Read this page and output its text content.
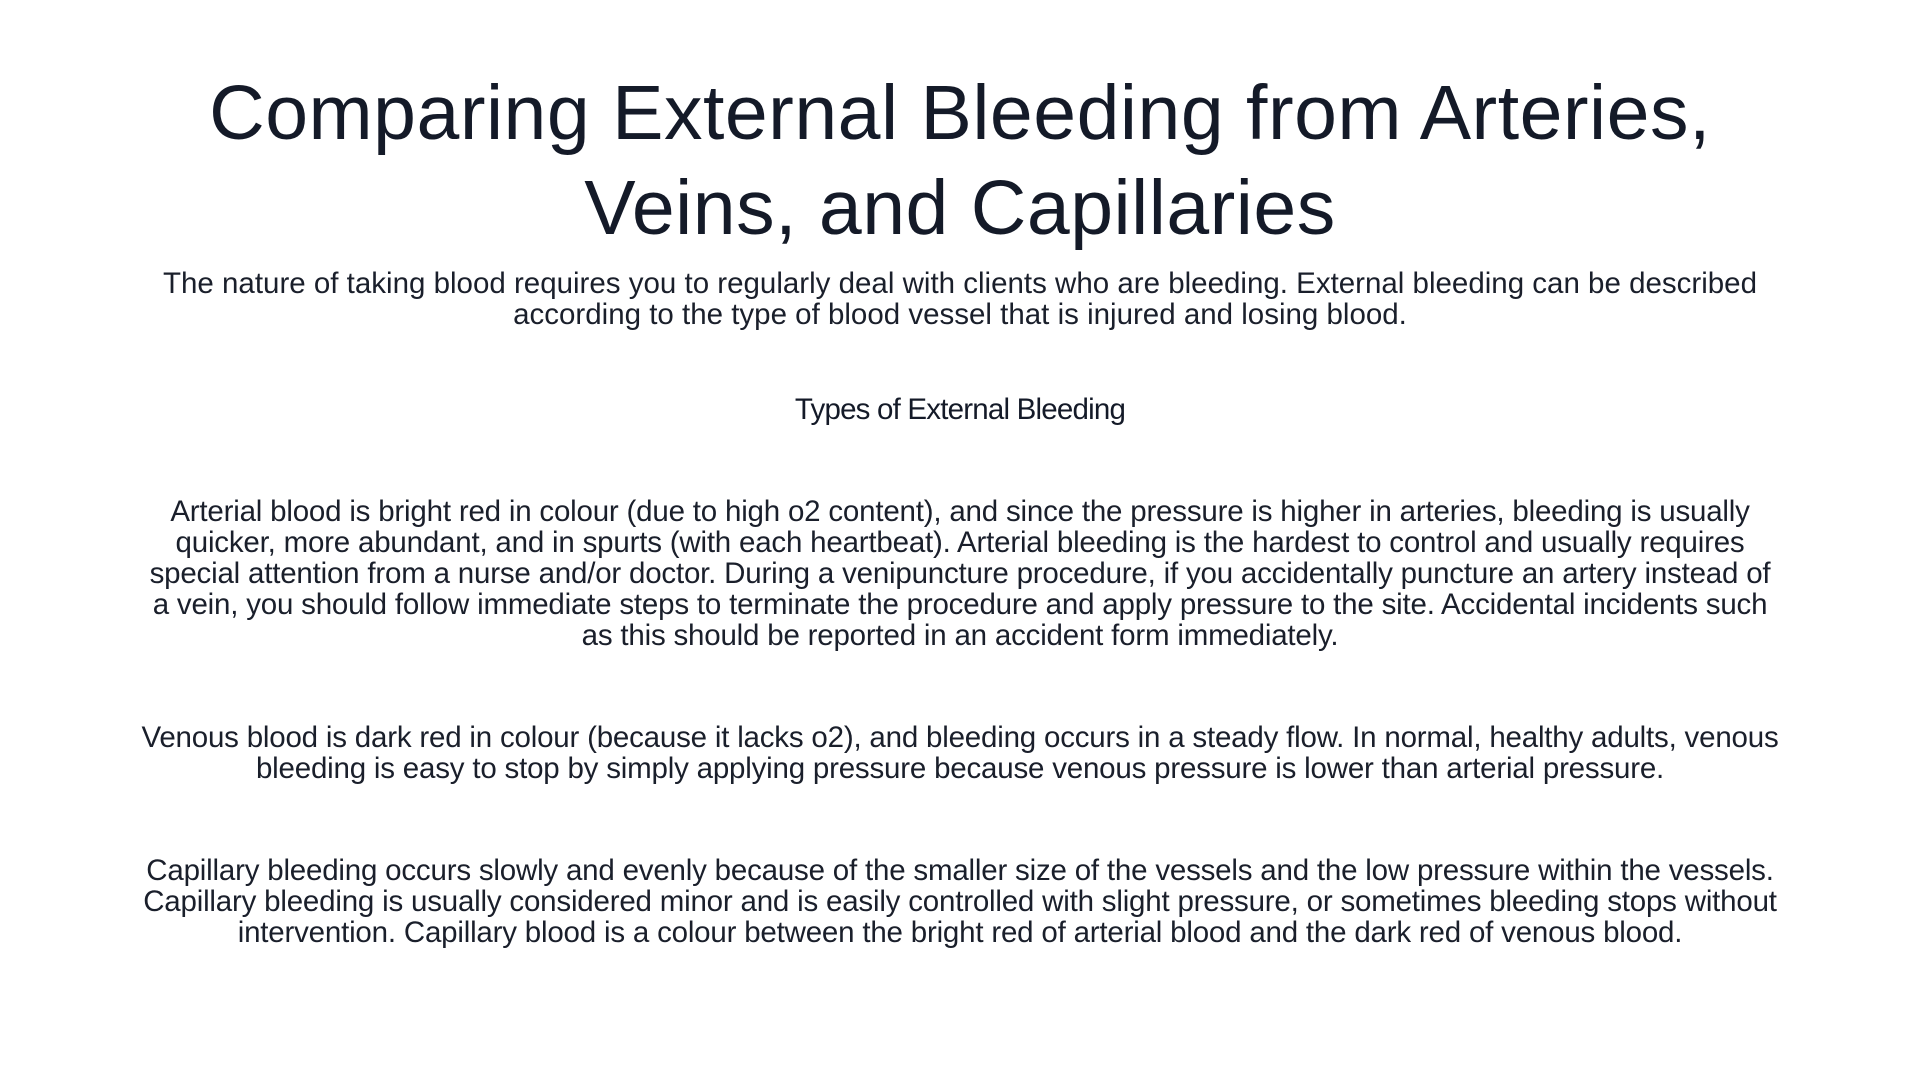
Comparing External Bleeding from Arteries, Veins, and Capillaries

The nature of taking blood requires you to regularly deal with clients who are bleeding. External bleeding can be described according to the type of blood vessel that is injured and losing blood.

Types of External Bleeding

Arterial blood is bright red in colour (due to high o2 content), and since the pressure is higher in arteries, bleeding is usually quicker, more abundant, and in spurts (with each heartbeat). Arterial bleeding is the hardest to control and usually requires special attention from a nurse and/or doctor. During a venipuncture procedure, if you accidentally puncture an artery instead of a vein, you should follow immediate steps to terminate the procedure and apply pressure to the site. Accidental incidents such as this should be reported in an accident form immediately.

Venous blood is dark red in colour (because it lacks o2), and bleeding occurs in a steady flow. In normal, healthy adults, venous bleeding is easy to stop by simply applying pressure because venous pressure is lower than arterial pressure.

Capillary bleeding occurs slowly and evenly because of the smaller size of the vessels and the low pressure within the vessels. Capillary bleeding is usually considered minor and is easily controlled with slight pressure, or sometimes bleeding stops without intervention. Capillary blood is a colour between the bright red of arterial blood and the dark red of venous blood.
